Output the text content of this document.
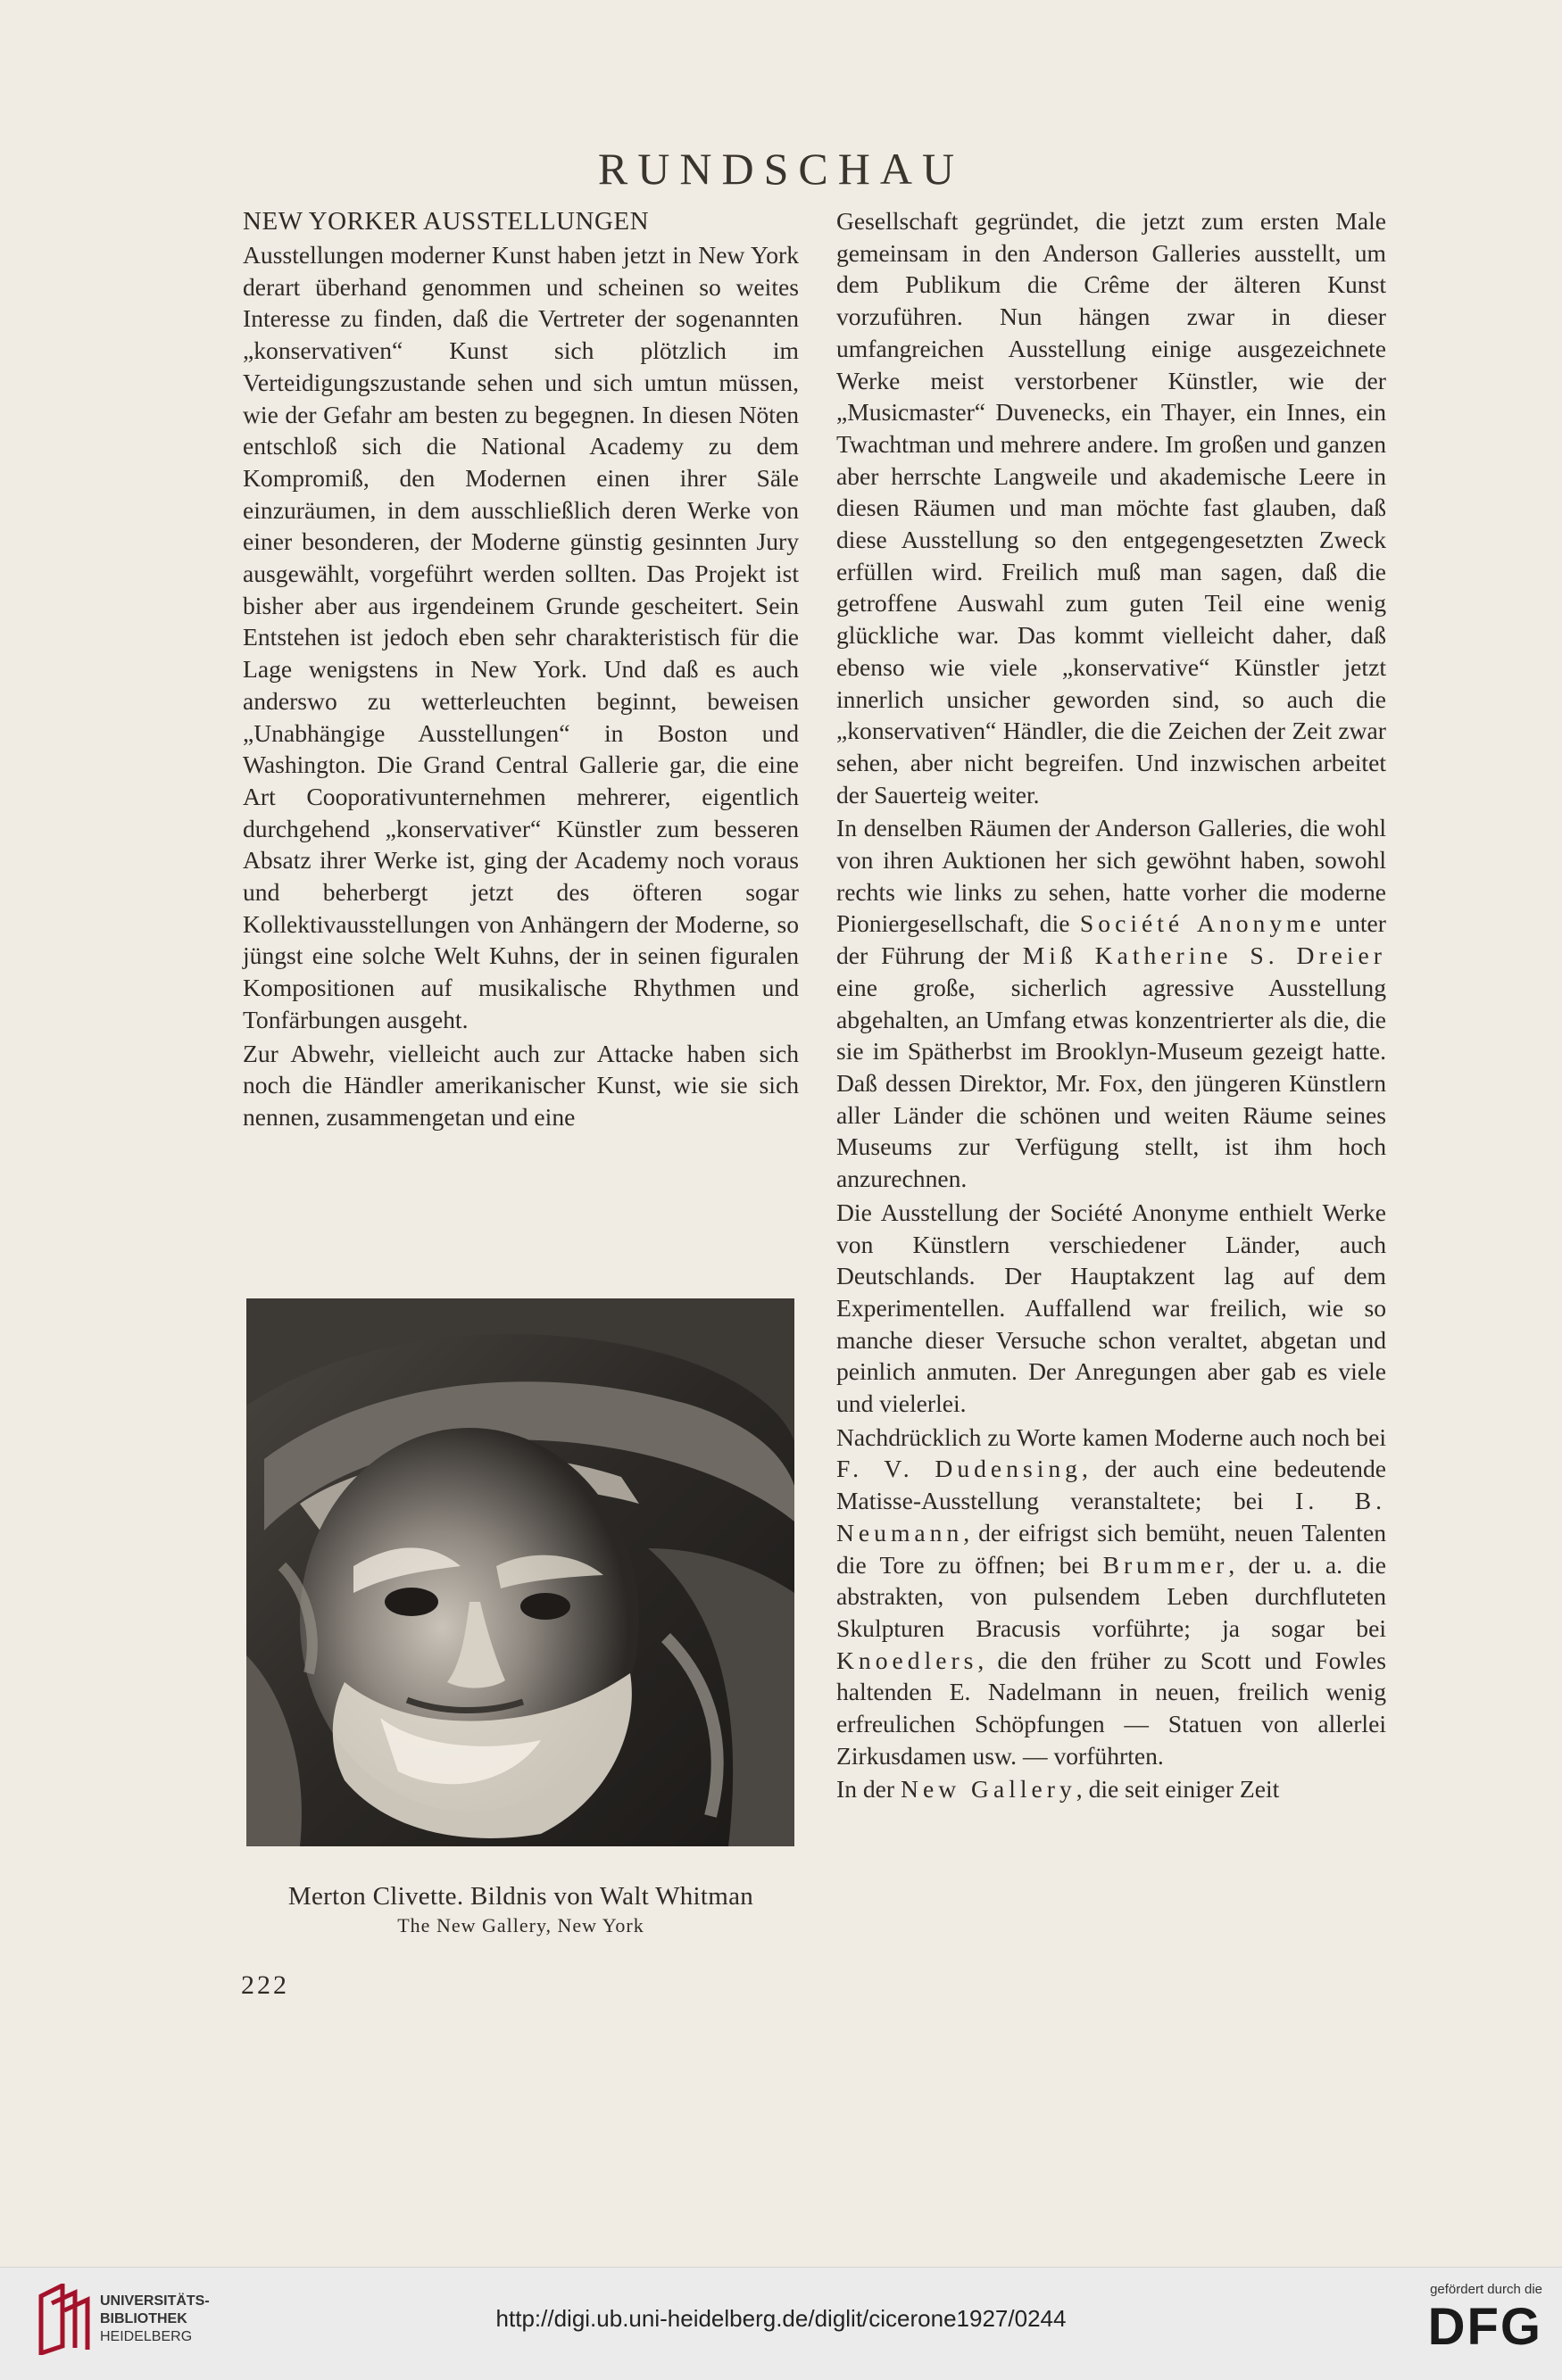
RUNDSCHAU
NEW YORKER AUSSTELLUNGEN

Ausstellungen moderner Kunst haben jetzt in New York derart überhand genommen und scheinen so weites Interesse zu finden, daß die Vertreter der sogenannten „konservativen“ Kunst sich plötzlich im Verteidigungszustande sehen und sich umtun müssen, wie der Gefahr am besten zu begegnen. In diesen Nöten entschloß sich die National Academy zu dem Kompromiß, den Modernen einen ihrer Säle einzuräumen, in dem ausschließlich deren Werke von einer besonderen, der Moderne günstig gesinnten Jury ausgewählt, vorgeführt werden sollten. Das Projekt ist bisher aber aus irgendeinem Grunde gescheitert. Sein Entstehen ist jedoch eben sehr charakteristisch für die Lage wenigstens in New York. Und daß es auch anderswo zu wetterleuchten beginnt, beweisen „Unabhängige Ausstellungen“ in Boston und Washington. Die Grand Central Gallerie gar, die eine Art Cooporativunternehmen mehrerer, eigentlich durchgehend „konservativer“ Künstler zum besseren Absatz ihrer Werke ist, ging der Academy noch voraus und beherbergt jetzt des öfteren sogar Kollektivausstellungen von Anhängern der Moderne, so jüngst eine solche Welt Kuhns, der in seinen figuralen Kompositionen auf musikalische Rhythmen und Tonfärbungen ausgeht.

Zur Abwehr, vielleicht auch zur Attacke haben sich noch die Händler amerikanischer Kunst, wie sie sich nennen, zusammengetan und eine

Merton Clivette. Bildnis von Walt Whitman
The New Gallery, New York
222

Gesellschaft gegründet, die jetzt zum ersten Male gemeinsam in den Anderson Galleries ausstellt, um dem Publikum die Crême der älteren Kunst vorzuführen. Nun hängen zwar in dieser umfangreichen Ausstellung einige ausgezeichnete Werke meist verstorbener Künstler, wie der „Musicmaster“ Duvenecks, ein Thayer, ein Innes, ein Twachtman und mehrere andere. Im großen und ganzen aber herrschte Langweile und akademische Leere in diesen Räumen und man möchte fast glauben, daß diese Ausstellung so den entgegengesetzten Zweck erfüllen wird. Freilich muß man sagen, daß die getroffene Auswahl zum guten Teil eine wenig glückliche war. Das kommt vielleicht daher, daß ebenso wie viele „konservative“ Künstler jetzt innerlich unsicher geworden sind, so auch die „konservativen“ Händler, die die Zeichen der Zeit zwar sehen, aber nicht begreifen. Und inzwischen arbeitet der Sauerteig weiter.

In denselben Räumen der Anderson Galleries, die wohl von ihren Auktionen her sich gewöhnt haben, sowohl rechts wie links zu sehen, hatte vorher die moderne Pioniergesellschaft, die Société Anonyme unter der Führung der Miß Katherine S. Dreier eine große, sicherlich agressive Ausstellung abgehalten, an Umfang etwas konzentrierter als die, die sie im Spätherbst im Brooklyn-Museum gezeigt hatte. Daß dessen Direktor, Mr. Fox, den jüngeren Künstlern aller Länder die schönen und weiten Räume seines Museums zur Verfügung stellt, ist ihm hoch anzurechnen.

Die Ausstellung der Société Anonyme enthielt Werke von Künstlern verschiedener Länder, auch Deutschlands. Der Hauptakzent lag auf dem Experimentellen. Auffallend war freilich, wie so manche dieser Versuche schon veraltet, abgetan und peinlich anmuten. Der Anregungen aber gab es viele und vielerlei.

Nachdrücklich zu Worte kamen Moderne auch noch bei F. V. Dudensing, der auch eine bedeutende Matisse-Ausstellung veranstaltete; bei I. B. Neumann, der eifrigst sich bemüht, neuen Talenten die Tore zu öffnen; bei Brummer, der u. a. die abstrakten, von pulsendem Leben durchfluteten Skulpturen Bracusis vorführte; ja sogar bei Knoedlers, die den früher zu Scott und Fowles haltenden E. Nadelmann in neuen, freilich wenig erfreulichen Schöpfungen — Statuen von allerlei Zirkusdamen usw. — vorführten.

In der New Gallery, die seit einiger Zeit

UNIVERSITÄTS-
BIBLIOTHEK
HEIDELBERG
http://digi.ub.uni-heidelberg.de/diglit/cicerone1927/0244
gefördert durch die
DFG
